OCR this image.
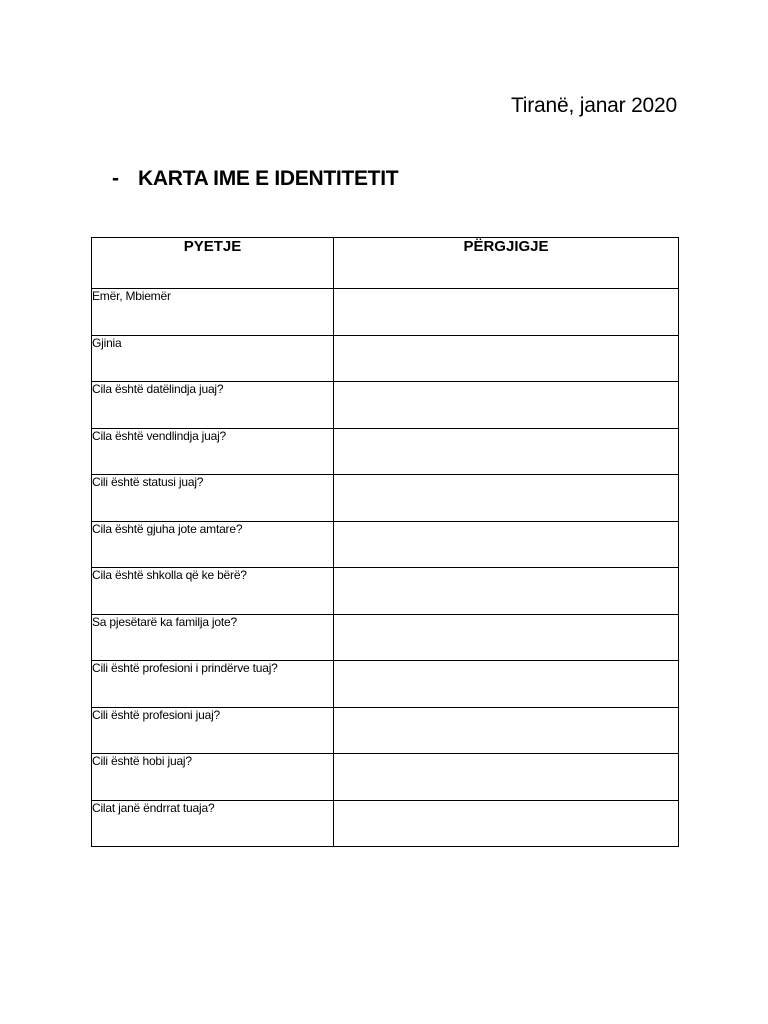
Tiranë, janar 2020
- KARTA IME E IDENTITETIT
PYETJE	PËRGJIGJE
Emër, Mbiemër	
Gjinia	
Cila është datëlindja juaj?	
Cila është vendlindja juaj?	
Cili është statusi juaj?	
Cila është gjuha jote amtare?	
Cila është shkolla që ke bërë?	
Sa pjesëtarë ka familja jote?	
Cili është profesioni i prindërve tuaj?	
Cili është profesioni juaj?	
Cili është hobi juaj?	
Cilat janë ëndrrat tuaja?	
